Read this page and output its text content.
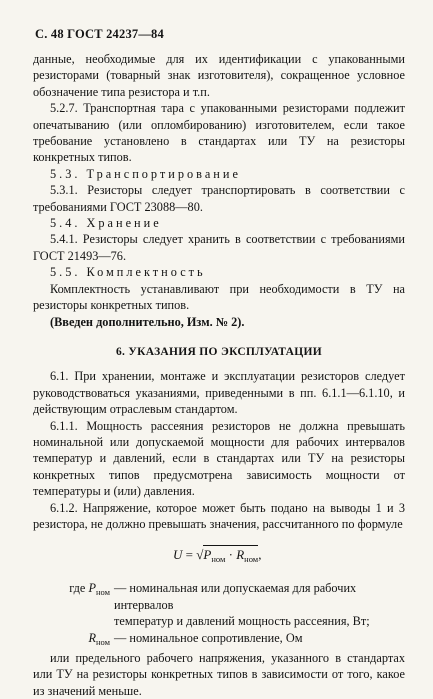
С. 48 ГОСТ 24237—84

данные, необходимые для их идентификации с упакованными резисторами (товарный знак изготовителя), сокращенное условное обозначение типа резистора и т.п.

5.2.7. Транспортная тара с упакованными резисторами подлежит опечатыванию (или опломбированию) изготовителем, если такое требование установлено в стандартах или ТУ на резисторы конкретных типов.

5.3. Транспортирование

5.3.1. Резисторы следует транспортировать в соответствии с требованиями ГОСТ 23088—80.

5.4. Хранение

5.4.1. Резисторы следует хранить в соответствии с требованиями ГОСТ 21493—76.

5.5. Комплектность

Комплектность устанавливают при необходимости в ТУ на резисторы конкретных типов.

(Введен дополнительно, Изм. № 2).

6. УКАЗАНИЯ ПО ЭКСПЛУАТАЦИИ

6.1. При хранении, монтаже и эксплуатации резисторов следует руководствоваться указаниями, приведенными в пп. 6.1.1—6.1.10, и действующим отраслевым стандартом.

6.1.1. Мощность рассеяния резисторов не должна превышать номинальной или допускаемой мощности для рабочих интервалов температур и давлений, если в стандартах или ТУ на резисторы конкретных типов предусмотрена зависимость мощности от температуры и (или) давления.

6.1.2. Напряжение, которое может быть подано на выводы 1 и 3 резистора, не должно превышать значения, рассчитанного по формуле

$U = √P_{ном} \cdot R_{ном}$,
где $P_{ном}$ — номинальная или допускаемая для рабочих интервалов
температур и давлений мощность рассеяния, Вт;
$R_{ном}$ — номинальное сопротивление, Ом

или предельного рабочего напряжения, указанного в стандартах или ТУ на резисторы конкретных типов в зависимости от того, какое из значений меньше.
